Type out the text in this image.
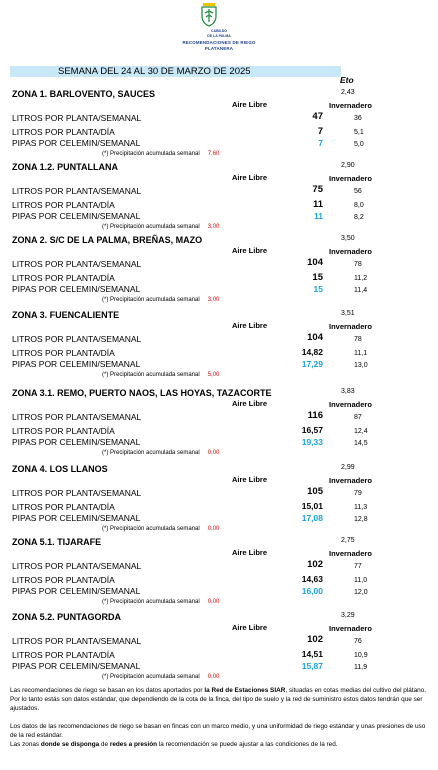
CABILDO
DE LA PALMA
RECOMENDACIONES DE RIEGO
PLATANERA
SEMANA DEL 24 AL 30 DE MARZO DE 2025
Eto
ZONA 1. BARLOVENTO, SAUCES	2,43
Aire Libre	Invernadero
LITROS POR PLANTA/SEMANAL	47	36
LITROS POR PLANTA/DÍA	7	5,1
PIPAS POR CELEMIN/SEMANAL	7	5,0
(*) Precipitación acumulada semanal 7,60
ZONA 1.2. PUNTALLANA	2,90
Aire Libre	Invernadero
LITROS POR PLANTA/SEMANAL	75	56
LITROS POR PLANTA/DÍA	11	8,0
PIPAS POR CELEMIN/SEMANAL	11	8,2
(*) Precipitación acumulada semanal 3,00
ZONA 2. S/C DE LA PALMA, BREÑAS, MAZO	3,50
Aire Libre	Invernadero
LITROS POR PLANTA/SEMANAL	104	78
LITROS POR PLANTA/DÍA	15	11,2
PIPAS POR CELEMIN/SEMANAL	15	11,4
(*) Precipitación acumulada semanal 3,00
ZONA 3. FUENCALIENTE	3,51
Aire Libre	Invernadero
LITROS POR PLANTA/SEMANAL	104	78
LITROS POR PLANTA/DÍA	14,82	11,1
PIPAS POR CELEMIN/SEMANAL	17,29	13,0
(*) Precipitación acumulada semanal 5,00
ZONA 3.1. REMO, PUERTO NAOS, LAS HOYAS, TAZACORTE	3,83
Aire Libre	Invernadero
LITROS POR PLANTA/SEMANAL	116	87
LITROS POR PLANTA/DÍA	16,57	12,4
PIPAS POR CELEMIN/SEMANAL	19,33	14,5
(*) Precipitación acumulada semanal 0,00
ZONA 4. LOS LLANOS	2,99
Aire Libre	Invernadero
LITROS POR PLANTA/SEMANAL	105	79
LITROS POR PLANTA/DÍA	15,01	11,3
PIPAS POR CELEMIN/SEMANAL	17,08	12,8
(*) Precipitación acumulada semanal 0,00
ZONA 5.1. TIJARAFE	2,75
Aire Libre	Invernadero
LITROS POR PLANTA/SEMANAL	102	77
LITROS POR PLANTA/DÍA	14,63	11,0
PIPAS POR CELEMIN/SEMANAL	16,00	12,0
(*) Precipitación acumulada semanal 0,00
ZONA 5.2. PUNTAGORDA	3,29
Aire Libre	Invernadero
LITROS POR PLANTA/SEMANAL	102	76
LITROS POR PLANTA/DÍA	14,51	10,9
PIPAS POR CELEMIN/SEMANAL	15,87	11,9
(*) Precipitación acumulada semanal 0,00
Las recomendaciones de riego se basan en los datos aportados por la Red de Estaciones SIAR, situadas en cotas medias del cultivo del plátano. Por lo tanto estás son datos estándar, que dependiendo de la cota de la finca, del tipo de suelo y la red de suministro estos datos tendrán que ser ajustados.
Los datos de las recomendaciones de riego se basan en fincas con un marco medio, y una uniformidad de riego estándar y unas presiones de uso de la red estándar.
Las zonas donde se disponga de redes a presión la recomendación se puede ajustar a las condiciones de la red.
